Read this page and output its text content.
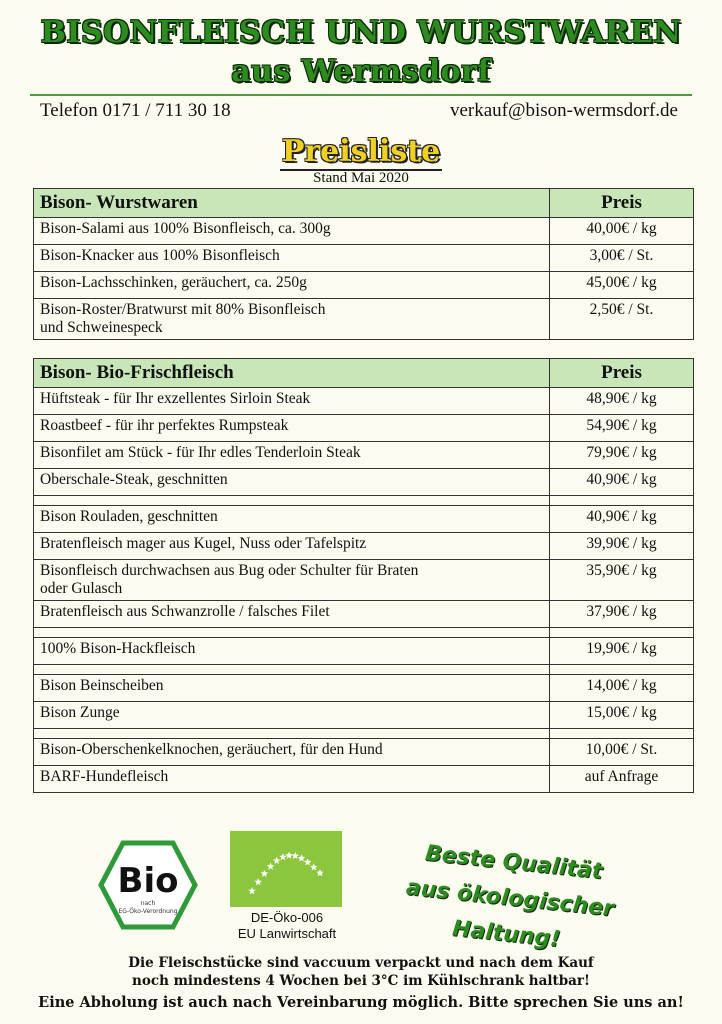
BISONFLEISCH UND WURSTWAREN
aus Wermsdorf
Telefon 0171 / 711 30 18	verkauf@bison-wermsdorf.de
Preisliste
Stand Mai 2020
Bison- Wurstwaren	Preis
Bison-Salami aus 100% Bisonfleisch, ca. 300g	40,00€ / kg
Bison-Knacker aus 100% Bisonfleisch	3,00€ / St.
Bison-Lachsschinken, geräuchert, ca. 250g	45,00€ / kg
Bison-Roster/Bratwurst mit 80% Bisonfleisch
und Schweinespeck	2,50€ / St.
Bison- Bio-Frischfleisch	Preis
Hüftsteak - für Ihr exzellentes Sirloin Steak	48,90€ / kg
Roastbeef - für ihr perfektes Rumpsteak	54,90€ / kg
Bisonfilet am Stück - für Ihr edles Tenderloin Steak	79,90€ / kg
Oberschale-Steak, geschnitten	40,90€ / kg

Bison Rouladen, geschnitten	40,90€ / kg
Bratenfleisch mager aus Kugel, Nuss oder Tafelspitz	39,90€ / kg
Bisonfleisch durchwachsen aus Bug oder Schulter für Braten
oder Gulasch	35,90€ / kg
Bratenfleisch aus Schwanzrolle / falsches Filet	37,90€ / kg

100% Bison-Hackfleisch	19,90€ / kg

Bison Beinscheiben	14,00€ / kg
Bison Zunge	15,00€ / kg

Bison-Oberschenkelknochen, geräuchert, für den Hund	10,00€ / St.
BARF-Hundefleisch	auf Anfrage
Bio
nach
EG-Öko-Verordnung	DE-Öko-006
EU Lanwirtschaft
Beste Qualität
aus ökologischer Haltung!
Die Fleischstücke sind vaccuum verpackt und nach dem Kauf
noch mindestens 4 Wochen bei 3°C im Kühlschrank haltbar!
Eine Abholung ist auch nach Vereinbarung möglich. Bitte sprechen Sie uns an!
